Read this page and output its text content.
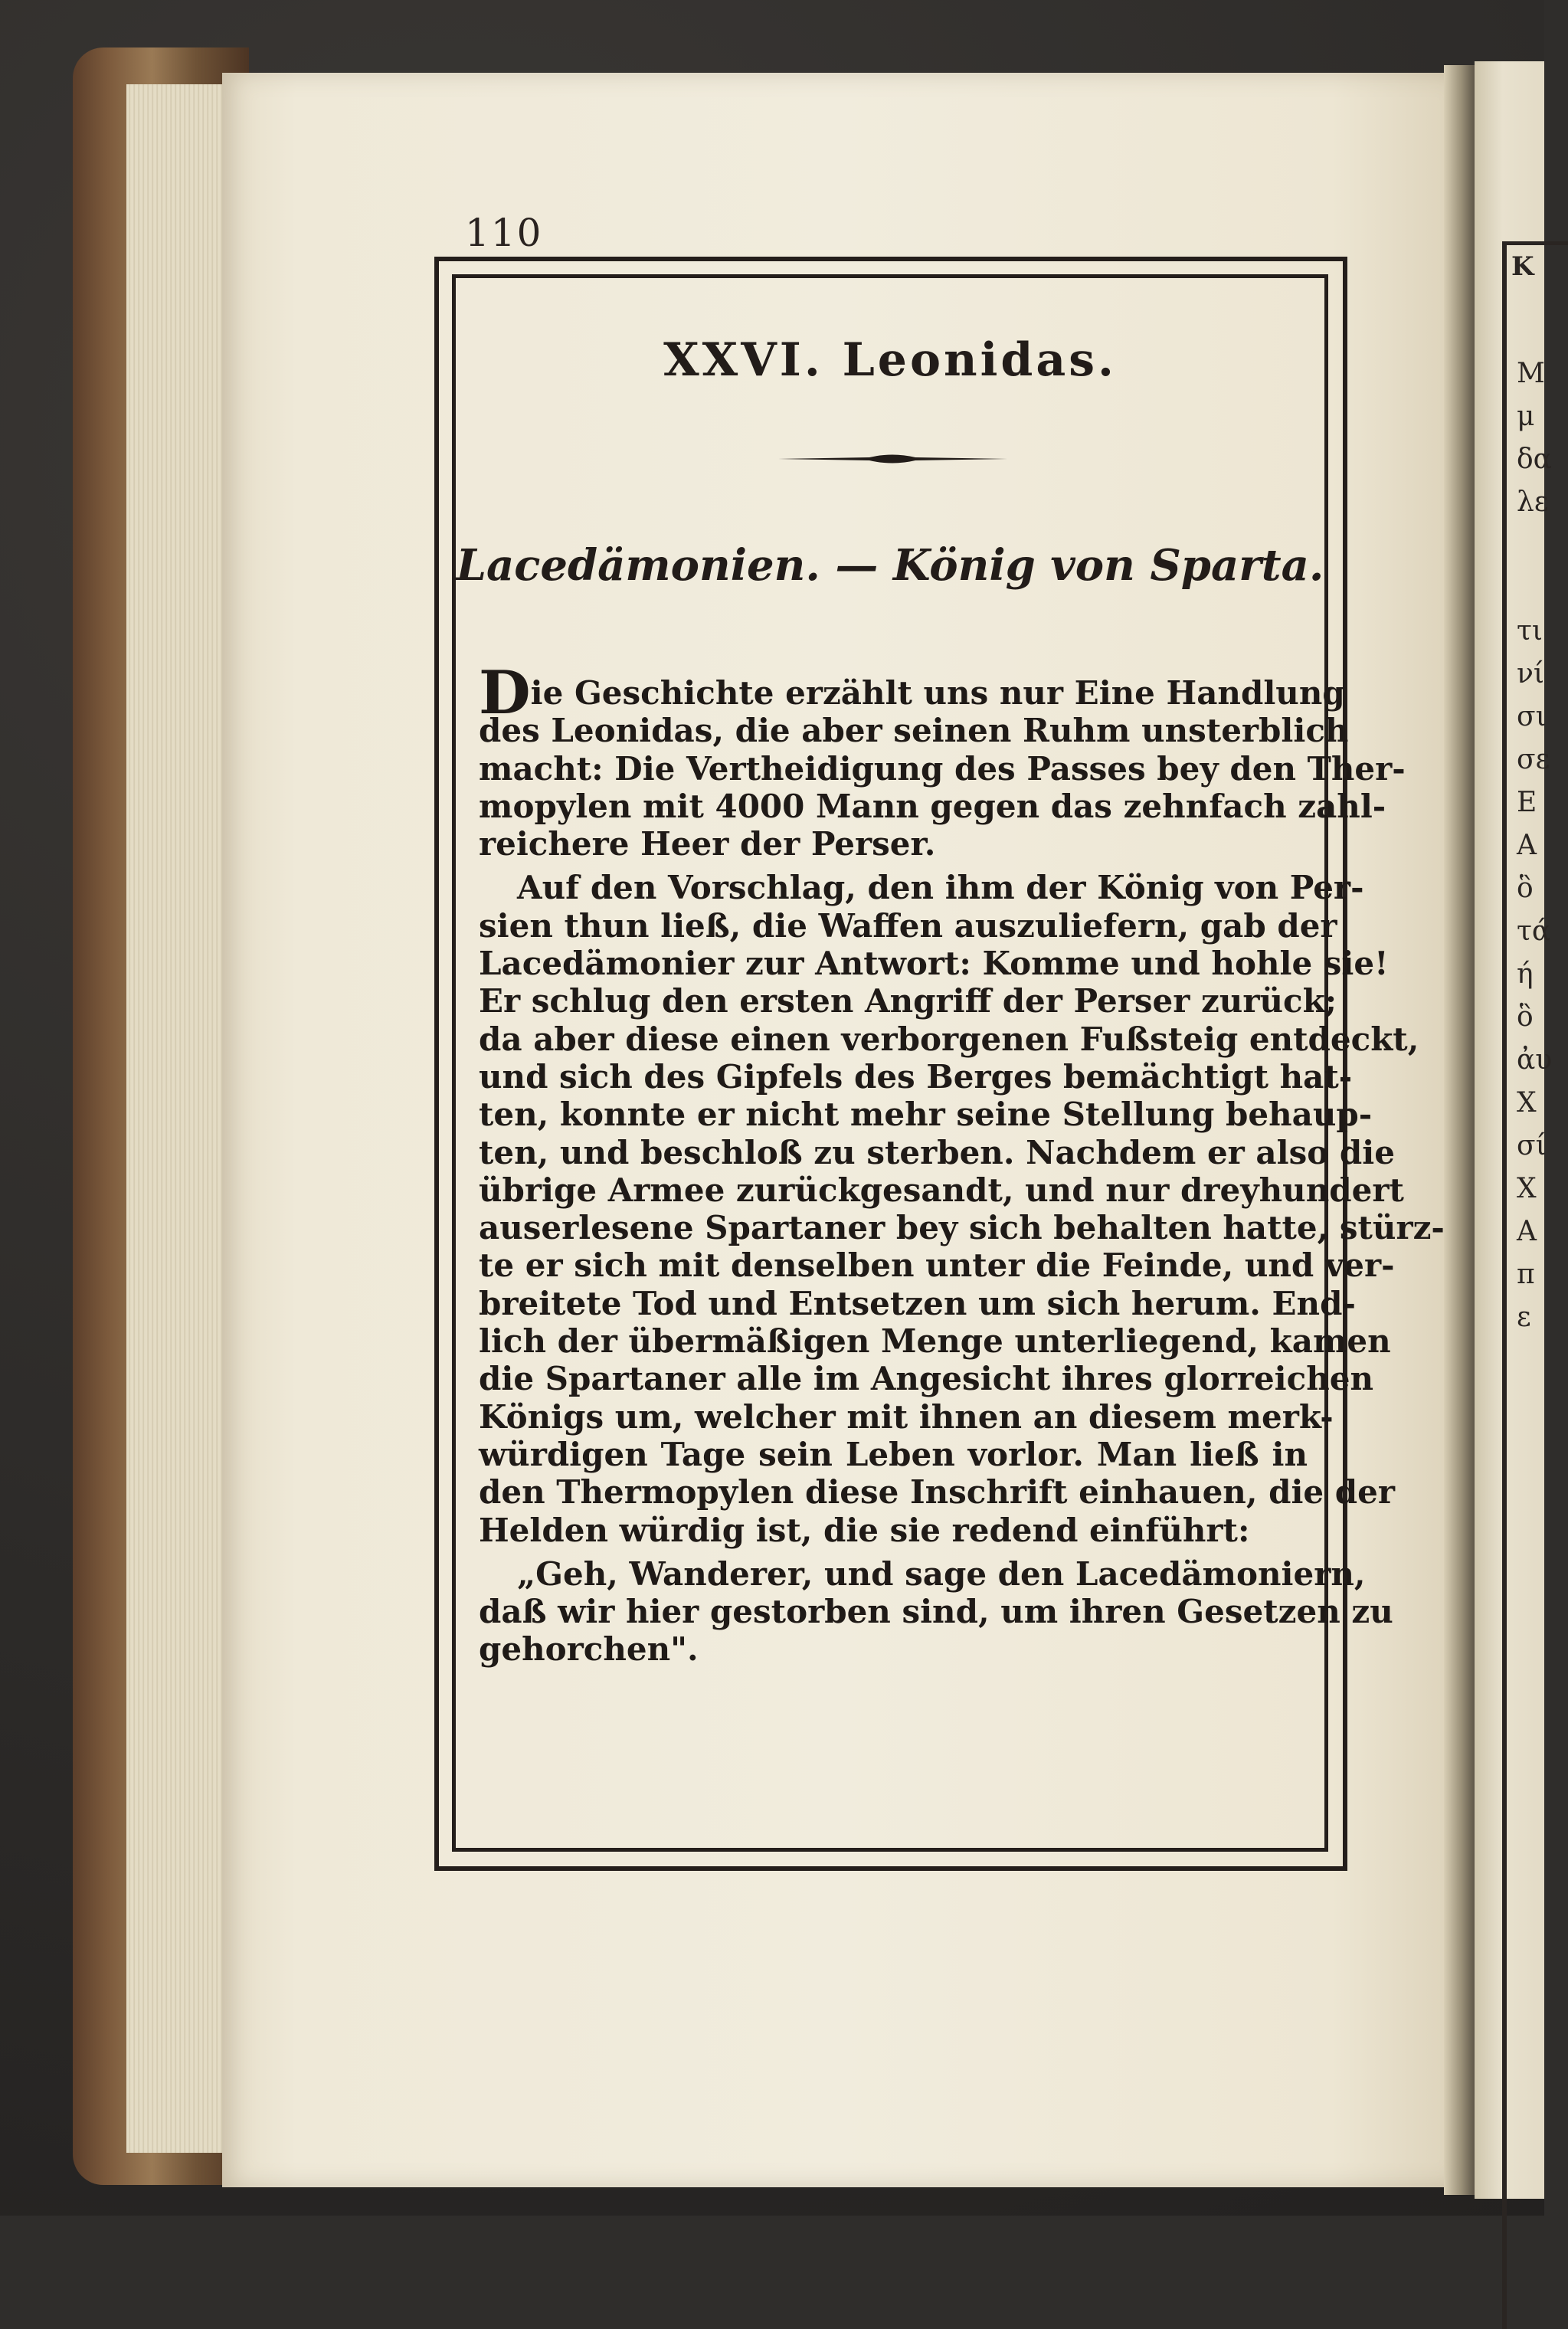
Κ
M
μ
δα
λε
τι
νί
σι
σε
Ε
Α
ὃ
τά
ή
ὃ
ἀυ
Χ
σί
Χ
Α
π
ε
110
XXVI. Leonidas.
Lacedämonien. — König von Sparta.
Die Geschichte erzählt uns nur Eine Handlung
des Leonidas, die aber seinen Ruhm unsterblich
macht: Die Vertheidigung des Passes bey den Ther-
mopylen mit 4000 Mann gegen das zehnfach zahl-
reichere Heer der Perser.
Auf den Vorschlag, den ihm der König von Per-
sien thun ließ, die Waffen auszuliefern, gab der
Lacedämonier zur Antwort: Komme und hohle sie!
Er schlug den ersten Angriff der Perser zurück;
da aber diese einen verborgenen Fußsteig entdeckt,
und sich des Gipfels des Berges bemächtigt hat-
ten, konnte er nicht mehr seine Stellung behaup-
ten, und beschloß zu sterben. Nachdem er also die
übrige Armee zurückgesandt, und nur dreyhundert
auserlesene Spartaner bey sich behalten hatte, stürz-
te er sich mit denselben unter die Feinde, und ver-
breitete Tod und Entsetzen um sich herum. End-
lich der übermäßigen Menge unterliegend, kamen
die Spartaner alle im Angesicht ihres glorreichen
Königs um, welcher mit ihnen an diesem merk-
würdigen Tage sein Leben vorlor. Man ließ in
den Thermopylen diese Inschrift einhauen, die der
Helden würdig ist, die sie redend einführt:
„Geh, Wanderer, und sage den Lacedämoniern,
daß wir hier gestorben sind, um ihren Gesetzen zu
gehorchen".
